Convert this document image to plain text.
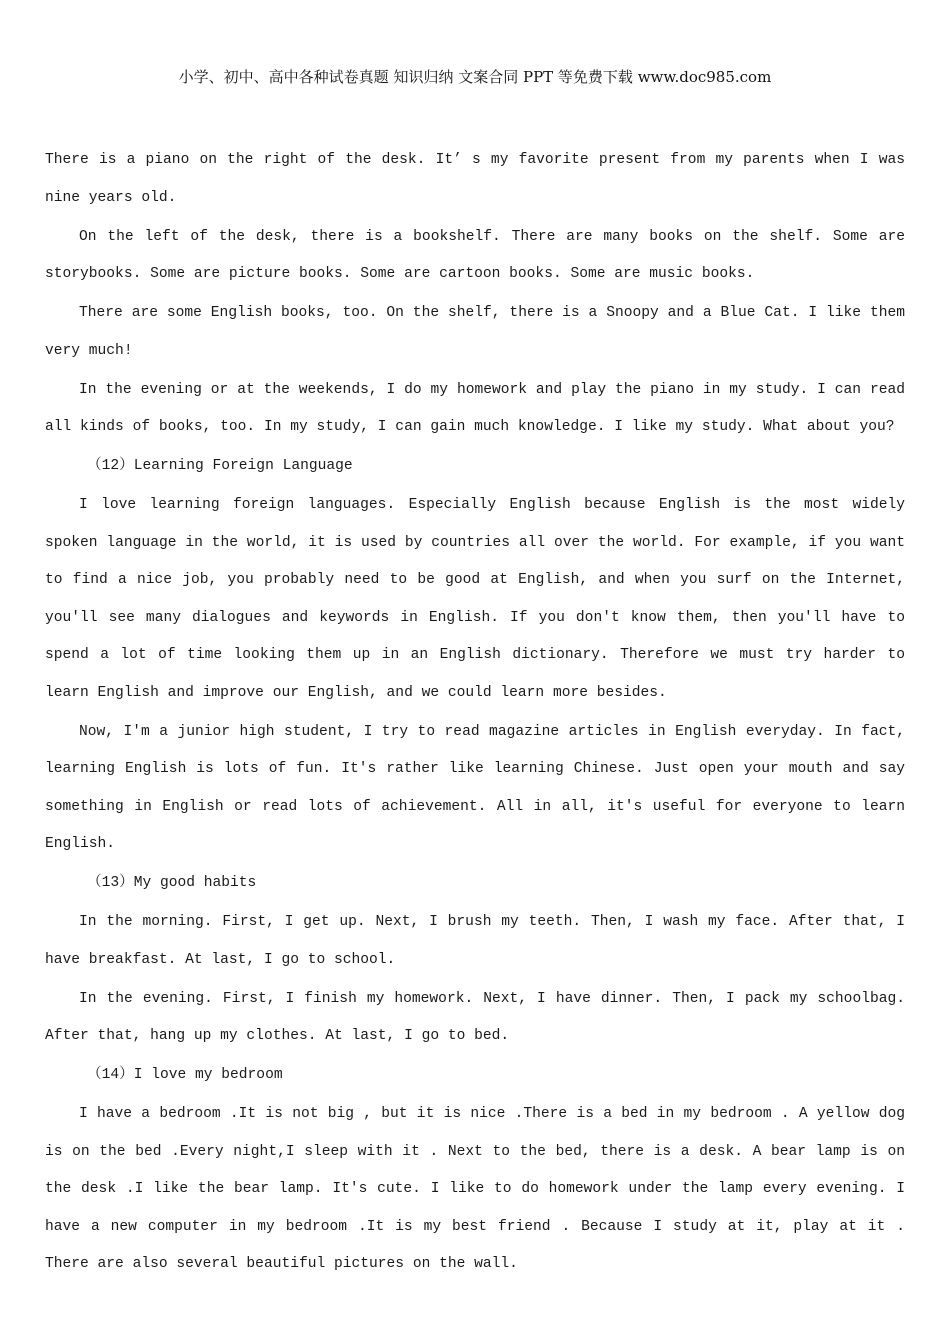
小学、初中、高中各种试卷真题 知识归纳 文案合同 PPT 等免费下载 www.doc985.com

There is a piano on the right of the desk. It’ s my favorite present from my parents when I was nine years old.

On the left of the desk, there is a bookshelf. There are many books on the shelf. Some are storybooks. Some are picture books. Some are cartoon books. Some are music books.

There are some English books, too. On the shelf, there is a Snoopy and a Blue Cat. I like them very much!

In the evening or at the weekends, I do my homework and play the piano in my study. I can read all kinds of books, too. In my study, I can gain much knowledge. I like my study. What about you?

（12）Learning Foreign Language

I love learning foreign languages. Especially English because English is the most widely spoken language in the world, it is used by countries all over the world. For example, if you want to find a nice job, you probably need to be good at English, and when you surf on the Internet, you'll see many dialogues and keywords in English. If you don't know them, then you'll have to spend a lot of time looking them up in an English dictionary. Therefore we must try harder to learn English and improve our English, and we could learn more besides.

Now, I'm a junior high student, I try to read magazine articles in English everyday. In fact, learning English is lots of fun. It's rather like learning Chinese. Just open your mouth and say something in English or read lots of achievement. All in all, it's useful for everyone to learn English.

（13）My good habits

In the morning. First, I get up. Next, I brush my teeth. Then, I wash my face. After that, I have breakfast. At last, I go to school.

In the evening. First, I finish my homework. Next, I have dinner. Then, I pack my schoolbag. After that, hang up my clothes. At last, I go to bed.

（14）I love my bedroom

I have a bedroom .It is not big , but it is nice .There is a bed in my bedroom . A yellow dog is on the bed .Every night,I sleep with it . Next to the bed, there is a desk. A bear lamp is on the desk .I like the bear lamp. It's cute. I like to do homework under the lamp every evening. I have a new computer in my bedroom .It is my best friend . Because I study at it, play at it . There are also several beautiful pictures on the wall.
